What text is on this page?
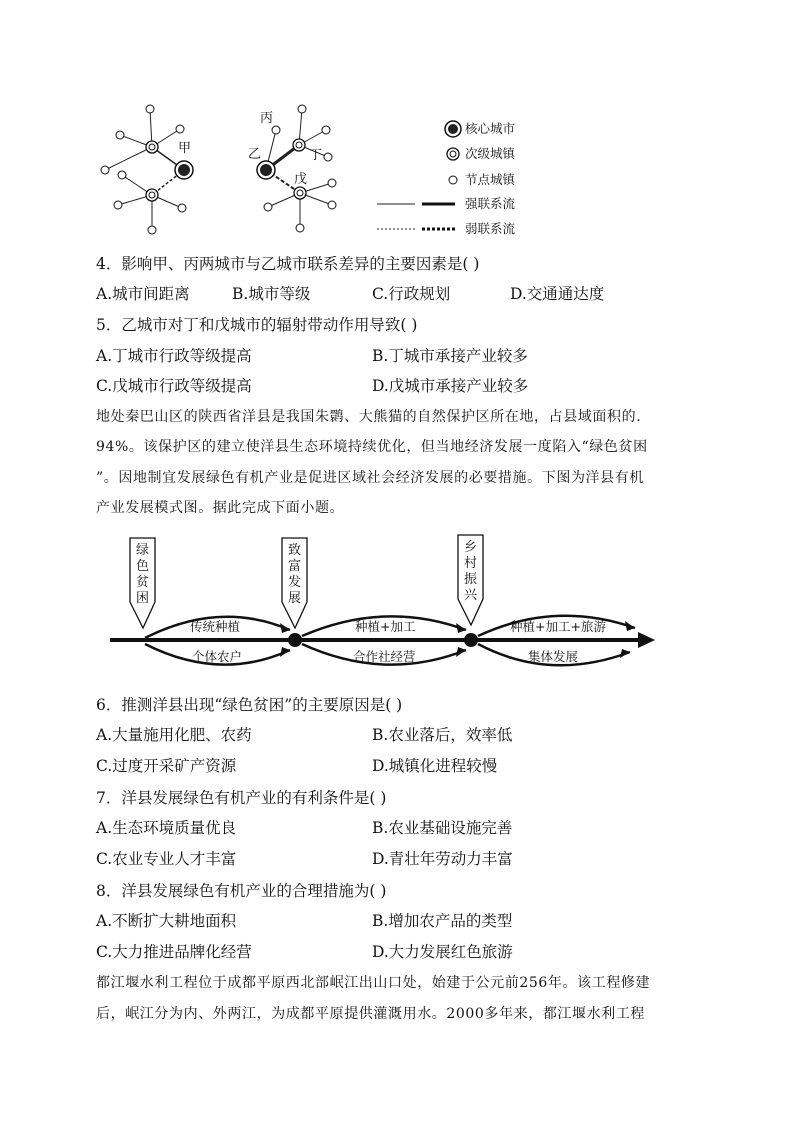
甲
丙
乙	丁
戊
核心城市
次级城镇
节点城镇
强联系流
弱联系流
4．影响甲、丙两城市与乙城市联系差异的主要因素是( )
A.城市间距离	B.城市等级	C.行政规划	D.交通通达度
5．乙城市对丁和戊城市的辐射带动作用导致( )
A.丁城市行政等级提高	B.丁城市承接产业较多
C.戊城市行政等级提高	D.戊城市承接产业较多
地处秦巴山区的陕西省洋县是我国朱鹮、大熊猫的自然保护区所在地，占县域面积的.
94%。该保护区的建立使洋县生态环境持续优化，但当地经济发展一度陷入“绿色贫困
”。因地制宜发展绿色有机产业是促进区域社会经济发展的必要措施。下图为洋县有机
产业发展模式图。据此完成下面小题。
绿
色
贫
困
致
富
发
展
乡
村
振
兴
传统种植
个体农户
种植+加工
合作社经营
种植+加工+旅游
集体发展
6．推测洋县出现“绿色贫困”的主要原因是( )
A.大量施用化肥、农药	B.农业落后，效率低
C.过度开采矿产资源	D.城镇化进程较慢
7．洋县发展绿色有机产业的有利条件是( )
A.生态环境质量优良	B.农业基础设施完善
C.农业专业人才丰富	D.青壮年劳动力丰富
8．洋县发展绿色有机产业的合理措施为( )
A.不断扩大耕地面积	B.增加农产品的类型
C.大力推进品牌化经营	D.大力发展红色旅游
都江堰水利工程位于成都平原西北部岷江出山口处，始建于公元前256年。该工程修建
后，岷江分为内、外两江，为成都平原提供灌溉用水。2000多年来，都江堰水利工程
